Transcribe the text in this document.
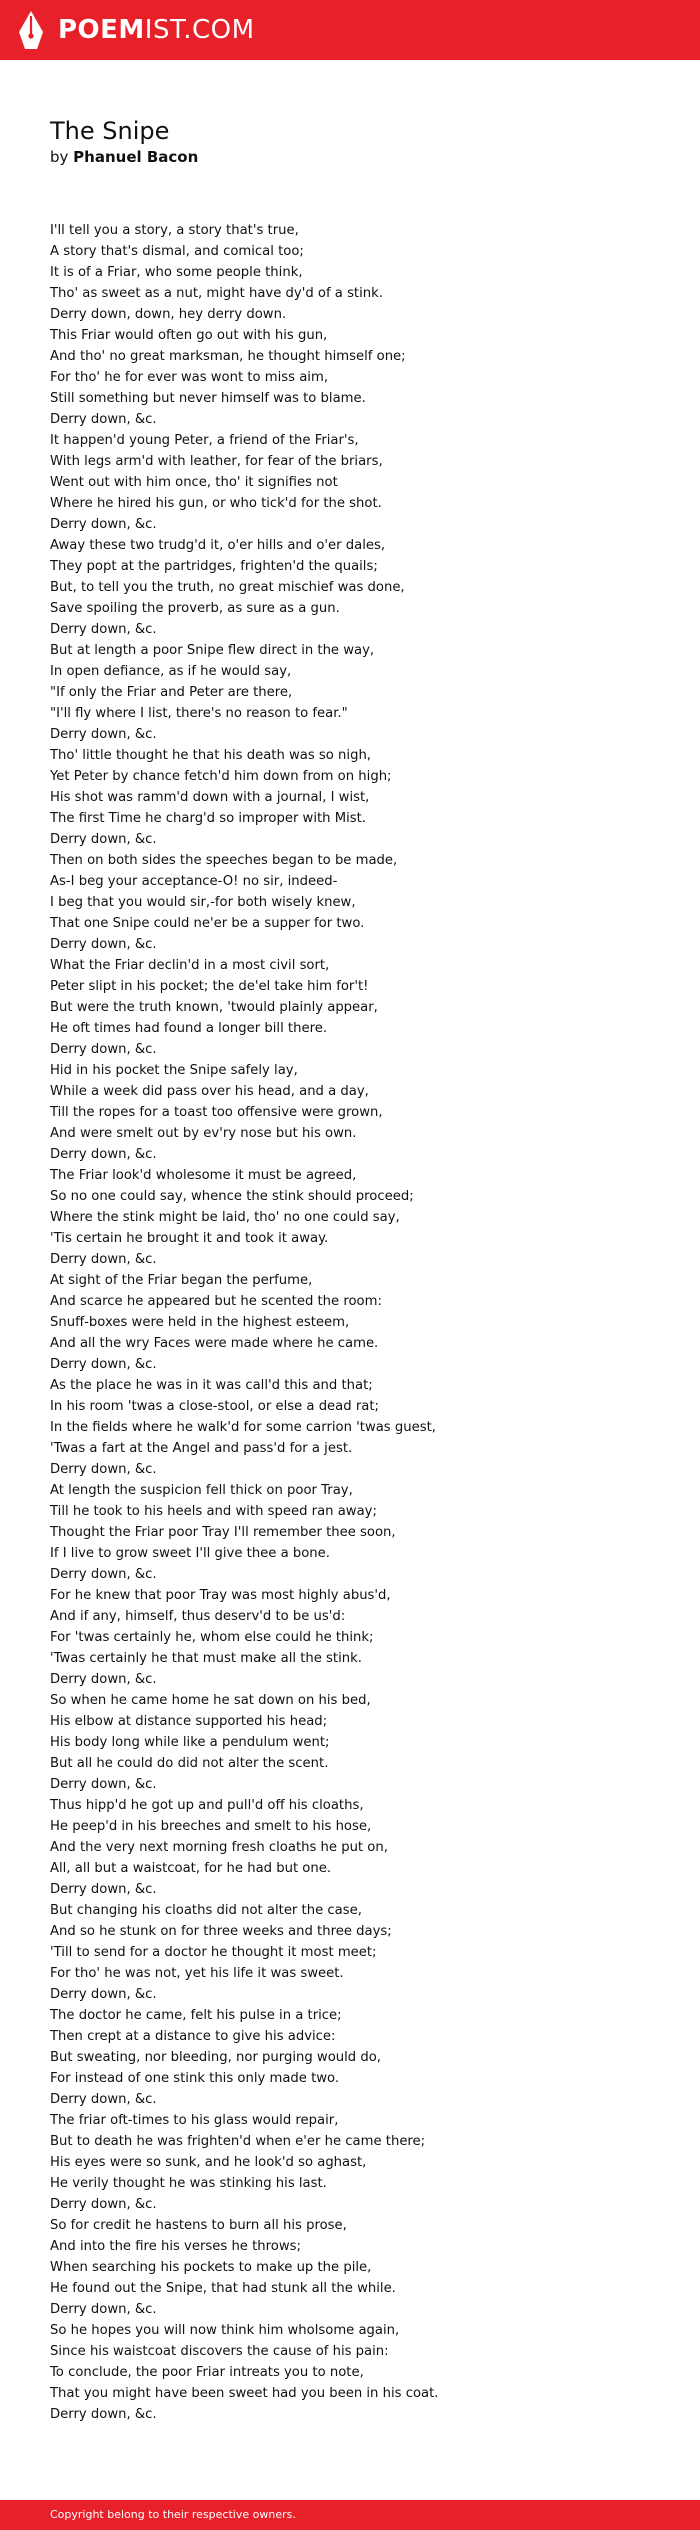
POEMIST.COM
The Snipe
by Phanuel Bacon
I'll tell you a story, a story that's true,
A story that's dismal, and comical too;
It is of a Friar, who some people think,
Tho' as sweet as a nut, might have dy'd of a stink.
Derry down, down, hey derry down.
This Friar would often go out with his gun,
And tho' no great marksman, he thought himself one;
For tho' he for ever was wont to miss aim,
Still something but never himself was to blame.
Derry down, &c.
It happen'd young Peter, a friend of the Friar's,
With legs arm'd with leather, for fear of the briars,
Went out with him once, tho' it signifies not
Where he hired his gun, or who tick'd for the shot.
Derry down, &c.
Away these two trudg'd it, o'er hills and o'er dales,
They popt at the partridges, frighten'd the quails;
But, to tell you the truth, no great mischief was done,
Save spoiling the proverb, as sure as a gun.
Derry down, &c.
But at length a poor Snipe flew direct in the way,
In open defiance, as if he would say,
"If only the Friar and Peter are there,
"I'll fly where I list, there's no reason to fear."
Derry down, &c.
Tho' little thought he that his death was so nigh,
Yet Peter by chance fetch'd him down from on high;
His shot was ramm'd down with a journal, I wist,
The first Time he charg'd so improper with Mist.
Derry down, &c.
Then on both sides the speeches began to be made,
As-I beg your acceptance-O! no sir, indeed-
I beg that you would sir,-for both wisely knew,
That one Snipe could ne'er be a supper for two.
Derry down, &c.
What the Friar declin'd in a most civil sort,
Peter slipt in his pocket; the de'el take him for't!
But were the truth known, 'twould plainly appear,
He oft times had found a longer bill there.
Derry down, &c.
Hid in his pocket the Snipe safely lay,
While a week did pass over his head, and a day,
Till the ropes for a toast too offensive were grown,
And were smelt out by ev'ry nose but his own.
Derry down, &c.
The Friar look'd wholesome it must be agreed,
So no one could say, whence the stink should proceed;
Where the stink might be laid, tho' no one could say,
'Tis certain he brought it and took it away.
Derry down, &c.
At sight of the Friar began the perfume,
And scarce he appeared but he scented the room:
Snuff-boxes were held in the highest esteem,
And all the wry Faces were made where he came.
Derry down, &c.
As the place he was in it was call'd this and that;
In his room 'twas a close-stool, or else a dead rat;
In the fields where he walk'd for some carrion 'twas guest,
'Twas a fart at the Angel and pass'd for a jest.
Derry down, &c.
At length the suspicion fell thick on poor Tray,
Till he took to his heels and with speed ran away;
Thought the Friar poor Tray I'll remember thee soon,
If I live to grow sweet I'll give thee a bone.
Derry down, &c.
For he knew that poor Tray was most highly abus'd,
And if any, himself, thus deserv'd to be us'd:
For 'twas certainly he, whom else could he think;
'Twas certainly he that must make all the stink.
Derry down, &c.
So when he came home he sat down on his bed,
His elbow at distance supported his head;
His body long while like a pendulum went;
But all he could do did not alter the scent.
Derry down, &c.
Thus hipp'd he got up and pull'd off his cloaths,
He peep'd in his breeches and smelt to his hose,
And the very next morning fresh cloaths he put on,
All, all but a waistcoat, for he had but one.
Derry down, &c.
But changing his cloaths did not alter the case,
And so he stunk on for three weeks and three days;
'Till to send for a doctor he thought it most meet;
For tho' he was not, yet his life it was sweet.
Derry down, &c.
The doctor he came, felt his pulse in a trice;
Then crept at a distance to give his advice:
But sweating, nor bleeding, nor purging would do,
For instead of one stink this only made two.
Derry down, &c.
The friar oft-times to his glass would repair,
But to death he was frighten'd when e'er he came there;
His eyes were so sunk, and he look'd so aghast,
He verily thought he was stinking his last.
Derry down, &c.
So for credit he hastens to burn all his prose,
And into the fire his verses he throws;
When searching his pockets to make up the pile,
He found out the Snipe, that had stunk all the while.
Derry down, &c.
So he hopes you will now think him wholsome again,
Since his waistcoat discovers the cause of his pain:
To conclude, the poor Friar intreats you to note,
That you might have been sweet had you been in his coat.
Derry down, &c.
Copyright belong to their respective owners.
